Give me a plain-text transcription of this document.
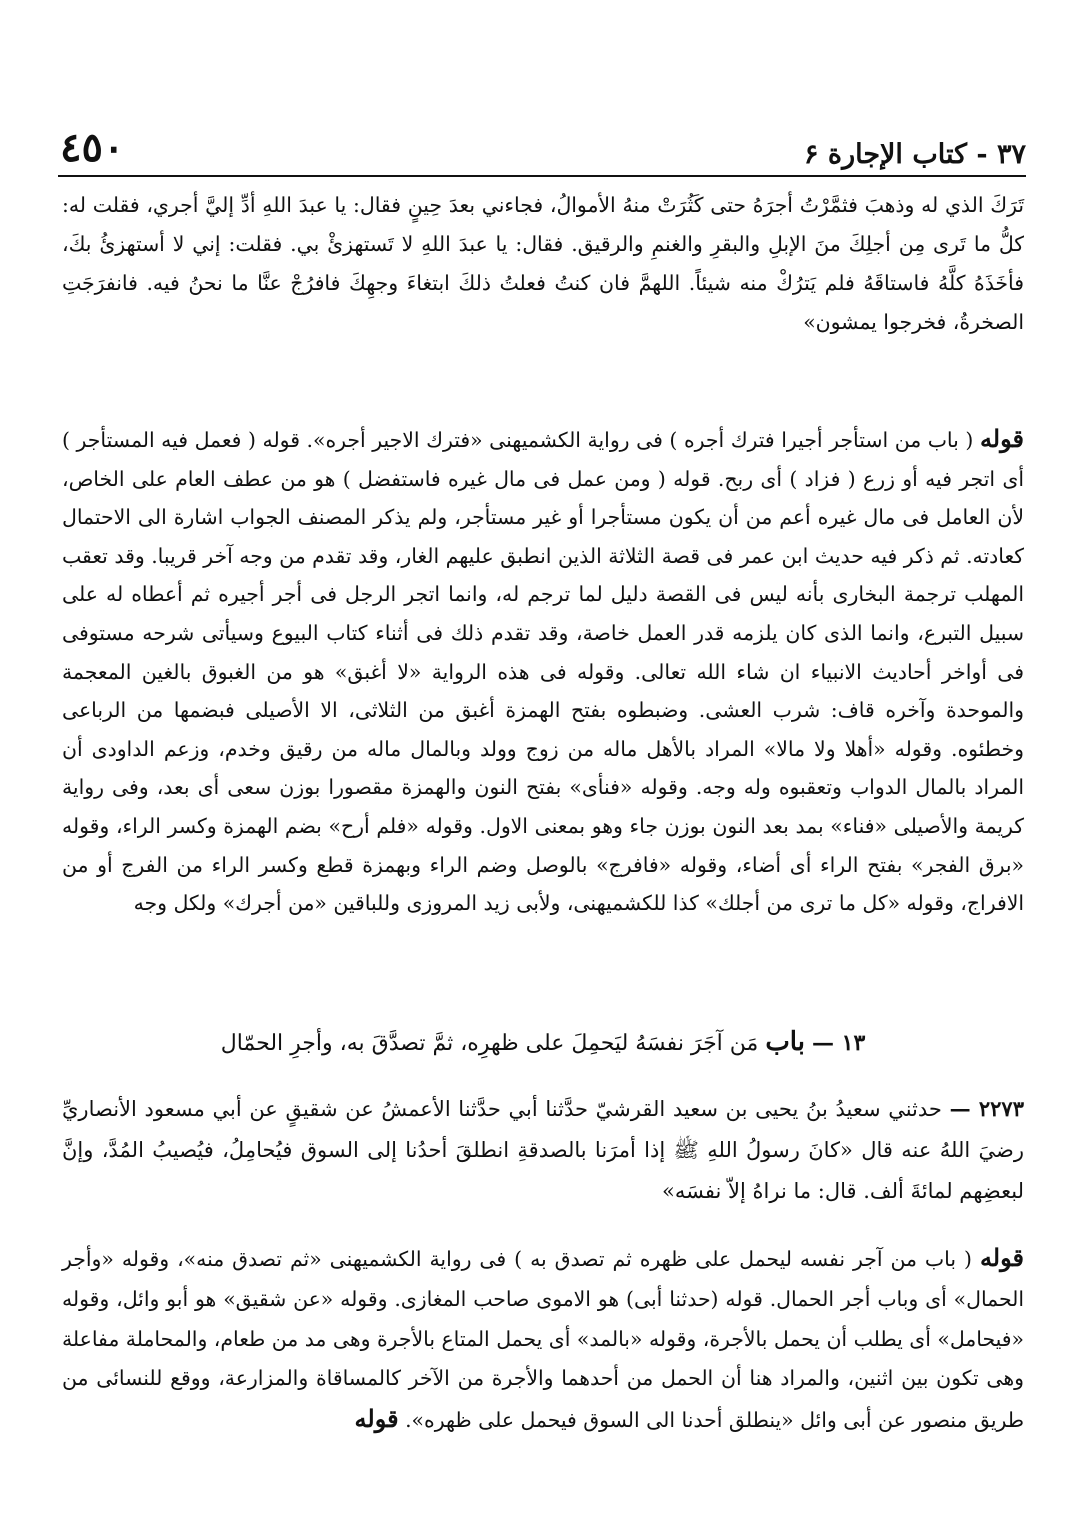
٣٧ - كتاب الإجارة ۶
٤٥٠

تَرَكَ الذي له وذهبَ فثمَّرْتُ أجرَهُ حتى كَثُرَتْ منهُ الأموالُ، فجاءني بعدَ حِينٍ فقال: يا عبدَ اللهِ أدِّ إليَّ أجري، فقلت له: كلُّ ما تَرى مِن أجلِكَ منَ الإبلِ والبقرِ والغنمِ والرقيق. فقال: يا عبدَ اللهِ لا تَستهزئْ بي. فقلت: إني لا أستهزئُ بكَ، فأخَذَهُ كلَّهُ فاستاقَهُ فلم يَترُكْ منه شيئاً. اللهمَّ فان كنتُ فعلتُ ذلكَ ابتغاءَ وجهِكَ فافرُجْ عنَّا ما نحنُ فيه. فانفرَجَتِ الصخرةُ، فخرجوا يمشون»

قوله ( باب من استأجر أجيرا فترك أجره ) فى رواية الكشميهنى «فترك الاجير أجره». قوله ( فعمل فيه المستأجر ) أى اتجر فيه أو زرع ( فزاد ) أى ربح. قوله ( ومن عمل فى مال غيره فاستفضل ) هو من عطف العام على الخاص، لأن العامل فى مال غيره أعم من أن يكون مستأجرا أو غير مستأجر، ولم يذكر المصنف الجواب اشارة الى الاحتمال كعادته. ثم ذكر فيه حديث ابن عمر فى قصة الثلاثة الذين انطبق عليهم الغار، وقد تقدم من وجه آخر قريبا. وقد تعقب المهلب ترجمة البخارى بأنه ليس فى القصة دليل لما ترجم له، وانما اتجر الرجل فى أجر أجيره ثم أعطاه له على سبيل التبرع، وانما الذى كان يلزمه قدر العمل خاصة، وقد تقدم ذلك فى أثناء كتاب البيوع وسيأتى شرحه مستوفى فى أواخر أحاديث الانبياء ان شاء الله تعالى. وقوله فى هذه الرواية «لا أغبق» هو من الغبوق بالغين المعجمة والموحدة وآخره قاف: شرب العشى. وضبطوه بفتح الهمزة أغبق من الثلاثى، الا الأصيلى فبضمها من الرباعى وخطئوه. وقوله «أهلا ولا مالا» المراد بالأهل ماله من زوج وولد وبالمال ماله من رقيق وخدم، وزعم الداودى أن المراد بالمال الدواب وتعقبوه وله وجه. وقوله «فنأى» بفتح النون والهمزة مقصورا بوزن سعى أى بعد، وفى رواية كريمة والأصيلى «فناء» بمد بعد النون بوزن جاء وهو بمعنى الاول. وقوله «فلم أرح» بضم الهمزة وكسر الراء، وقوله «برق الفجر» بفتح الراء أى أضاء، وقوله «فافرج» بالوصل وضم الراء وبهمزة قطع وكسر الراء من الفرج أو من الافراج، وقوله «كل ما ترى من أجلك» كذا للكشميهنى، ولأبى زيد المروزى وللباقين «من أجرك» ولكل وجه

١٣ — باب مَن آجَرَ نفسَهُ ليَحمِلَ على ظهرِه، ثمَّ تصدَّقَ به، وأجرِ الحمّال

٢٢٧٣ — حدثني سعيدُ بنُ يحيى بن سعيد القرشيّ حدَّثنا أبي حدَّثنا الأعمشُ عن شقيقٍ عن أبي مسعود الأنصاريِّ رضيَ اللهُ عنه قال «كانَ رسولُ اللهِ ﷺ إذا أمرَنا بالصدقةِ انطلقَ أحدُنا إلى السوق فيُحامِلُ، فيُصيبُ المُدَّ، وإنَّ لبعضِهم لمائةَ ألف. قال: ما نراهُ إلاّ نفسَه»

قوله ( باب من آجر نفسه ليحمل على ظهره ثم تصدق به ) فى رواية الكشميهنى «ثم تصدق منه»، وقوله «وأجر الحمال» أى وباب أجر الحمال. قوله (حدثنا أبى) هو الاموى صاحب المغازى. وقوله «عن شقيق» هو أبو وائل، وقوله «فيحامل» أى يطلب أن يحمل بالأجرة، وقوله «بالمد» أى يحمل المتاع بالأجرة وهى مد من طعام، والمحاملة مفاعلة وهى تكون بين اثنين، والمراد هنا أن الحمل من أحدهما والأجرة من الآخر كالمساقاة والمزارعة، ووقع للنسائى من طريق منصور عن أبى وائل «ينطلق أحدنا الى السوق فيحمل على ظهره». قوله
